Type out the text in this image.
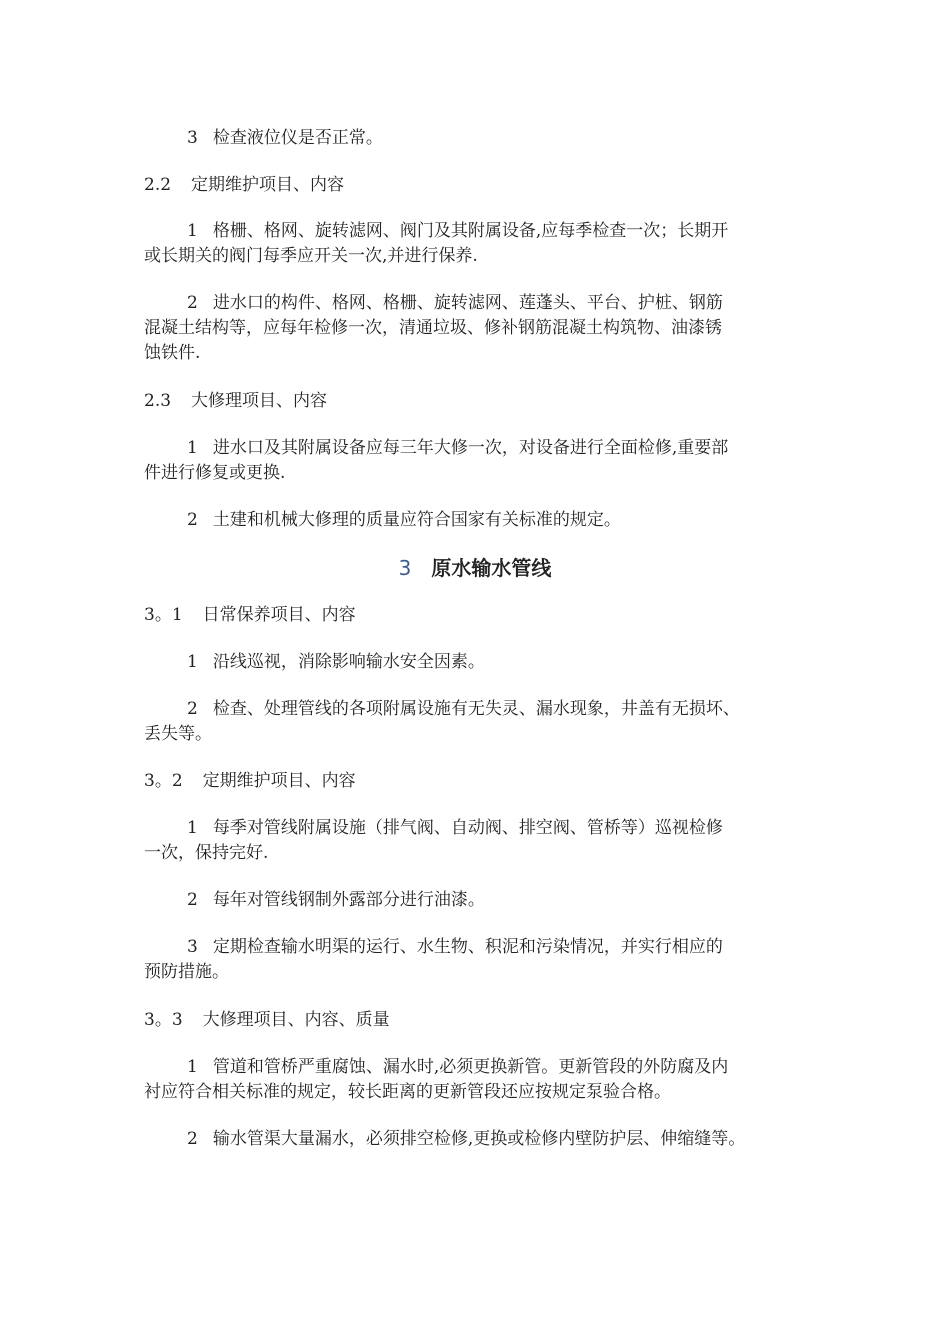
3 检查液位仪是否正常。
2.2 定期维护项目、内容
1 格栅、格网、旋转滤网、阀门及其附属设备,应每季检查一次；长期开
或长期关的阀门每季应开关一次,并进行保养.
2 进水口的构件、格网、格栅、旋转滤网、莲蓬头、平台、护桩、钢筋
混凝土结构等，应每年检修一次，清通垃圾、修补钢筋混凝土构筑物、油漆锈
蚀铁件.
2.3 大修理项目、内容
1 进水口及其附属设备应每三年大修一次，对设备进行全面检修,重要部
件进行修复或更换.
2 土建和机械大修理的质量应符合国家有关标准的规定。
3 原水输水管线
3。1 日常保养项目、内容
1 沿线巡视，消除影响输水安全因素。
2 检查、处理管线的各项附属设施有无失灵、漏水现象，井盖有无损坏、
丢失等。
3。2 定期维护项目、内容
1 每季对管线附属设施（排气阀、自动阀、排空阀、管桥等）巡视检修
一次，保持完好.
2 每年对管线钢制外露部分进行油漆。
3 定期检查输水明渠的运行、水生物、积泥和污染情况，并实行相应的
预防措施。
3。3 大修理项目、内容、质量
1 管道和管桥严重腐蚀、漏水时,必须更换新管。更新管段的外防腐及内
衬应符合相关标准的规定，较长距离的更新管段还应按规定泵验合格。
2 输水管渠大量漏水，必须排空检修,更换或检修内壁防护层、伸缩缝等。
